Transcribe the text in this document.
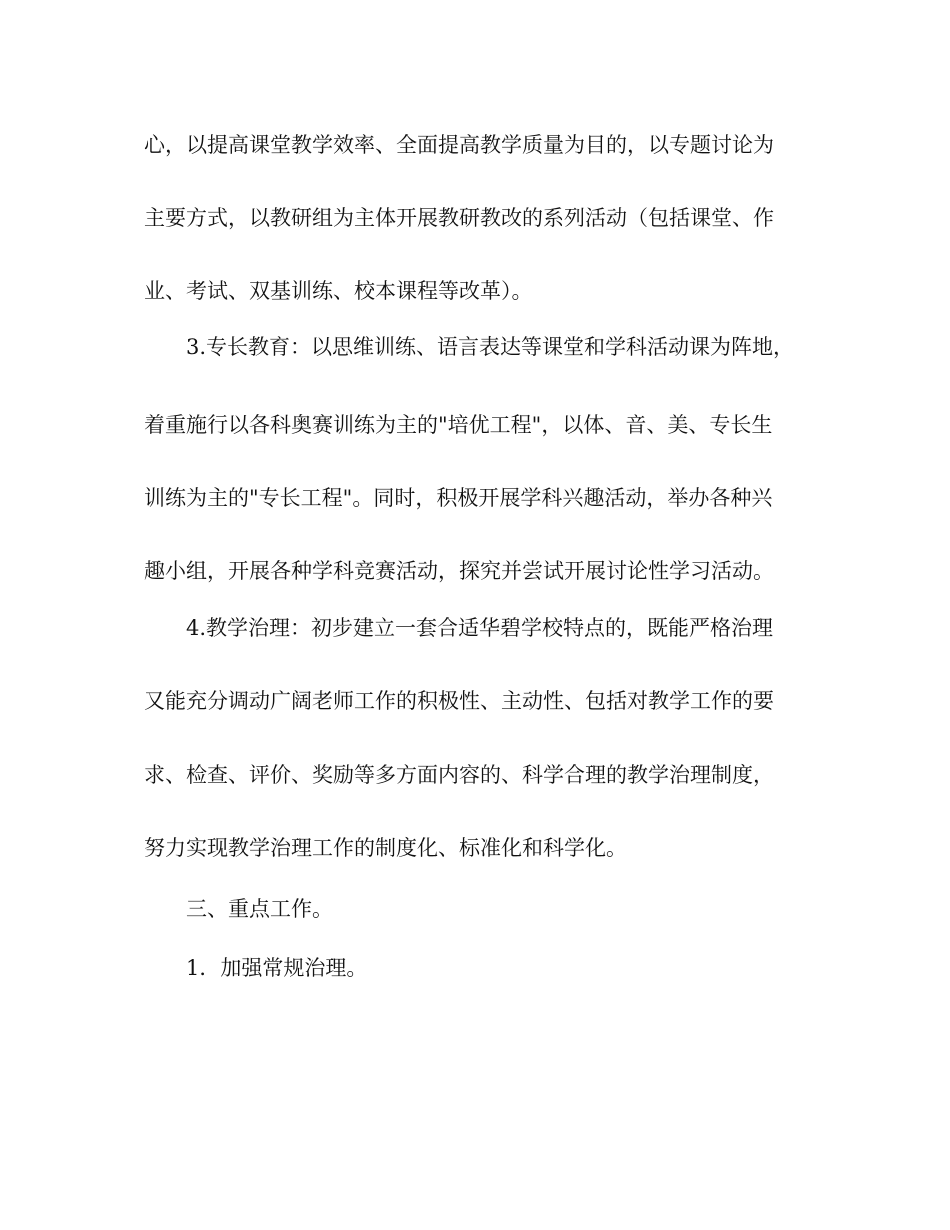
心，以提高课堂教学效率、全面提高教学质量为目的，以专题讨论为
主要方式，以教研组为主体开展教研教改的系列活动（包括课堂、作
业、考试、双基训练、校本课程等改革）。
3.专长教育：以思维训练、语言表达等课堂和学科活动课为阵地，
着重施行以各科奥赛训练为主的"培优工程"，以体、音、美、专长生
训练为主的"专长工程"。同时，积极开展学科兴趣活动，举办各种兴
趣小组，开展各种学科竞赛活动，探究并尝试开展讨论性学习活动。
4.教学治理：初步建立一套合适华碧学校特点的，既能严格治理
又能充分调动广阔老师工作的积极性、主动性、包括对教学工作的要
求、检查、评价、奖励等多方面内容的、科学合理的教学治理制度，
努力实现教学治理工作的制度化、标准化和科学化。
三、重点工作。
1．加强常规治理。
